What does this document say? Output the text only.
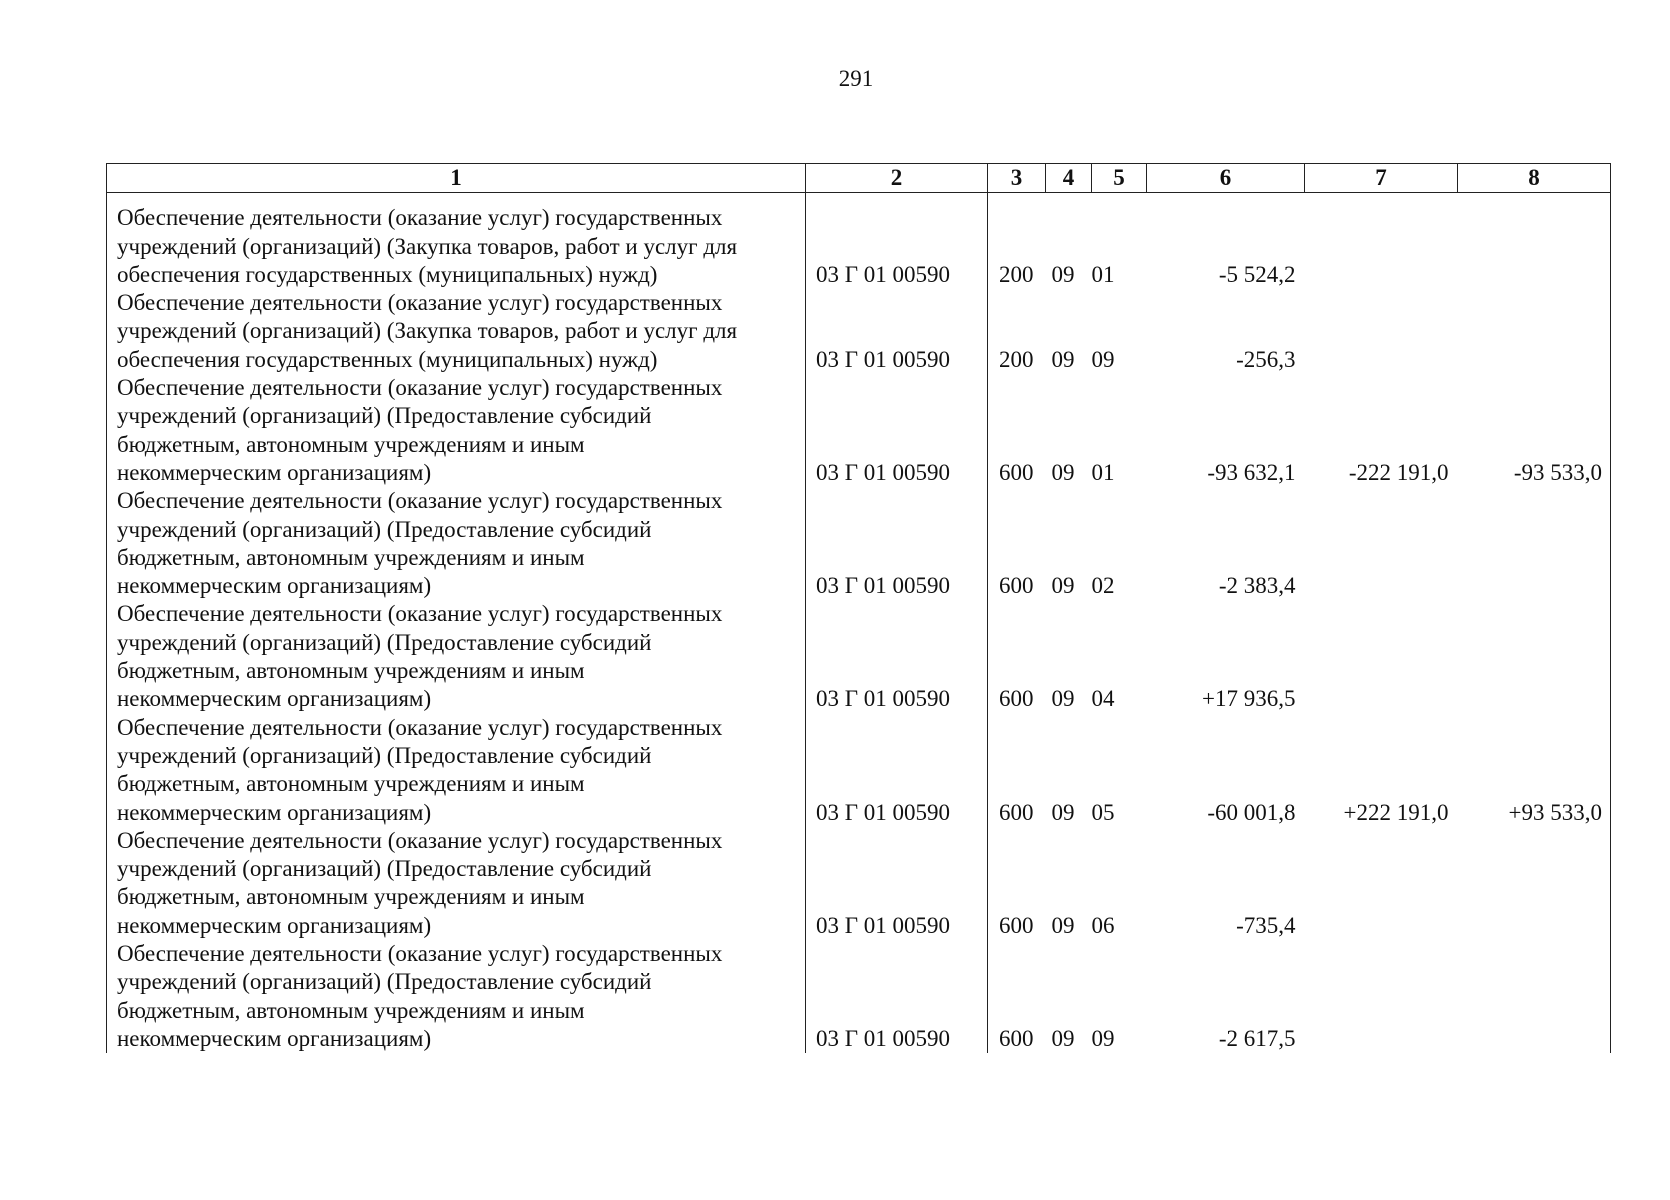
291
1	2	3	4	5	6	7	8

Обеспечение деятельности (оказание услуг) государственных
учреждений (организаций) (Закупка товаров, работ и услуг для
обеспечения государственных (муниципальных) нужд)	03 Г 01 00590	200	09	01	-5 524,2		

Обеспечение деятельности (оказание услуг) государственных
учреждений (организаций) (Закупка товаров, работ и услуг для
обеспечения государственных (муниципальных) нужд)	03 Г 01 00590	200	09	09	-256,3		

Обеспечение деятельности (оказание услуг) государственных
учреждений (организаций) (Предоставление субсидий
бюджетным, автономным учреждениям и иным
некоммерческим организациям)	03 Г 01 00590	600	09	01	-93 632,1	-222 191,0	-93 533,0

Обеспечение деятельности (оказание услуг) государственных
учреждений (организаций) (Предоставление субсидий
бюджетным, автономным учреждениям и иным
некоммерческим организациям)	03 Г 01 00590	600	09	02	-2 383,4		

Обеспечение деятельности (оказание услуг) государственных
учреждений (организаций) (Предоставление субсидий
бюджетным, автономным учреждениям и иным
некоммерческим организациям)	03 Г 01 00590	600	09	04	+17 936,5		

Обеспечение деятельности (оказание услуг) государственных
учреждений (организаций) (Предоставление субсидий
бюджетным, автономным учреждениям и иным
некоммерческим организациям)	03 Г 01 00590	600	09	05	-60 001,8	+222 191,0	+93 533,0

Обеспечение деятельности (оказание услуг) государственных
учреждений (организаций) (Предоставление субсидий
бюджетным, автономным учреждениям и иным
некоммерческим организациям)	03 Г 01 00590	600	09	06	-735,4		

Обеспечение деятельности (оказание услуг) государственных
учреждений (организаций) (Предоставление субсидий
бюджетным, автономным учреждениям и иным
некоммерческим организациям)	03 Г 01 00590	600	09	09	-2 617,5		
